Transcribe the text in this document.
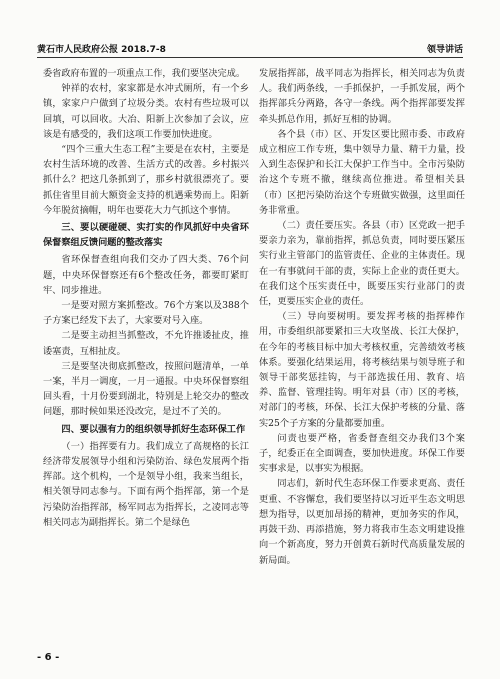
黄石市人民政府公报 2018.7-8	领导讲话

委省政府布置的一项重点工作，我们要坚决完成。

钟祥的农村，家家都是水冲式厕所，有一个乡镇，家家户户做到了垃圾分类。农村有些垃圾可以回填，可以回收。大冶、阳新上次参加了会议，应该是有感受的，我们这项工作要加快进度。

“四个三重大生态工程”主要是在农村，主要是农村生活环境的改善、生活方式的改善。乡村振兴抓什么？把这几条抓到了，那乡村就很漂亮了。要抓住省里目前大额资金支持的机遇乘势而上。阳新今年脱贫摘帽，明年也要花大力气抓这个事情。

三、要以硬碰硬、实打实的作风抓好中央省环保督察组反馈问题的整改落实

省环保督查组向我们交办了四大类、76个问题，中央环保督察还有6个整改任务，都要盯紧盯牢、同步推进。

一是要对照方案抓整改。76个方案以及388个子方案已经发下去了，大家要对号入座。

二是要主动担当抓整改，不允许推诿扯皮，推诿塞责，互相扯皮。

三是要坚决彻底抓整改，按照问题清单，一单一案，半月一调度，一月一通报。中央环保督察组回头看，十月份要到湖北，特别是上轮交办的整改问题，那时候如果还没改完，是过不了关的。

四、要以强有力的组织领导抓好生态环保工作

（一）指挥要有力。我们成立了高规格的长江经济带发展领导小组和污染防治、绿色发展两个指挥部。这个机构，一个是领导小组，我来当组长，相关领导同志参与。下面有两个指挥部，第一个是污染防治指挥部，杨军同志为指挥长，之凌同志等相关同志为副指挥长。第二个是绿色

发展指挥部，战平同志为指挥长，相关同志为负责人。我们两条线，一手抓保护，一手抓发展，两个指挥部兵分两路，各守一条线。两个指挥部要发挥牵头抓总作用，抓好互相的协调。

各个县（市）区、开发区要比照市委、市政府成立相应工作专班，集中领导力量、精干力量，投入到生态保护和长江大保护工作当中。全市污染防治这个专班不撤，继续高位推进。希望相关县（市）区把污染防治这个专班做实做强，这里面任务非常重。

（二）责任要压实。各县（市）区党政一把手要亲力亲为，靠前指挥，抓总负责，同时要压紧压实行业主管部门的监管责任、企业的主体责任。现在一有事就问干部的责，实际上企业的责任更大。在我们这个压实责任中，既要压实行业部门的责任，更要压实企业的责任。

（三）导向要树明。要发挥考核的指挥棒作用，市委组织部要紧扣三大攻坚战、长江大保护，在今年的考核目标中加大考核权重，完善绩效考核体系。要强化结果运用，将考核结果与领导班子和领导干部奖惩挂钩，与干部选拔任用、教育、培养、监督、管理挂钩。明年对县（市）区的考核，对部门的考核，环保、长江大保护考核的分量、落实25个子方案的分量都要加重。

问责也要严格，省委督查组交办我们3个案子，纪委正在全面调查，要加快进度。环保工作要实事求是，以事实为根据。

同志们，新时代生态环保工作要求更高、责任更重、不容懈怠，我们要坚持以习近平生态文明思想为指导，以更加昂扬的精神，更加务实的作风，再鼓干劲、再添措施，努力将我市生态文明建设推向一个新高度，努力开创黄石新时代高质量发展的新局面。

- 6 -
